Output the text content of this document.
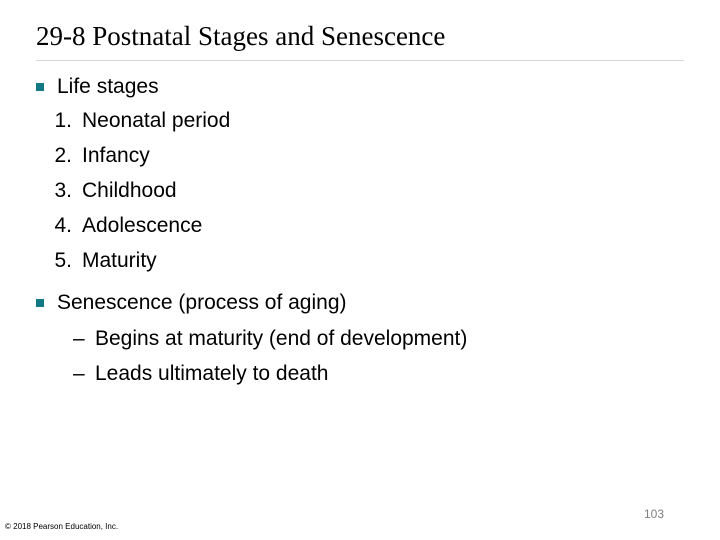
29-8 Postnatal Stages and Senescence
Life stages
1. Neonatal period
2. Infancy
3. Childhood
4. Adolescence
5. Maturity
Senescence (process of aging)
– Begins at maturity (end of development)
– Leads ultimately to death
103
© 2018 Pearson Education, Inc.
